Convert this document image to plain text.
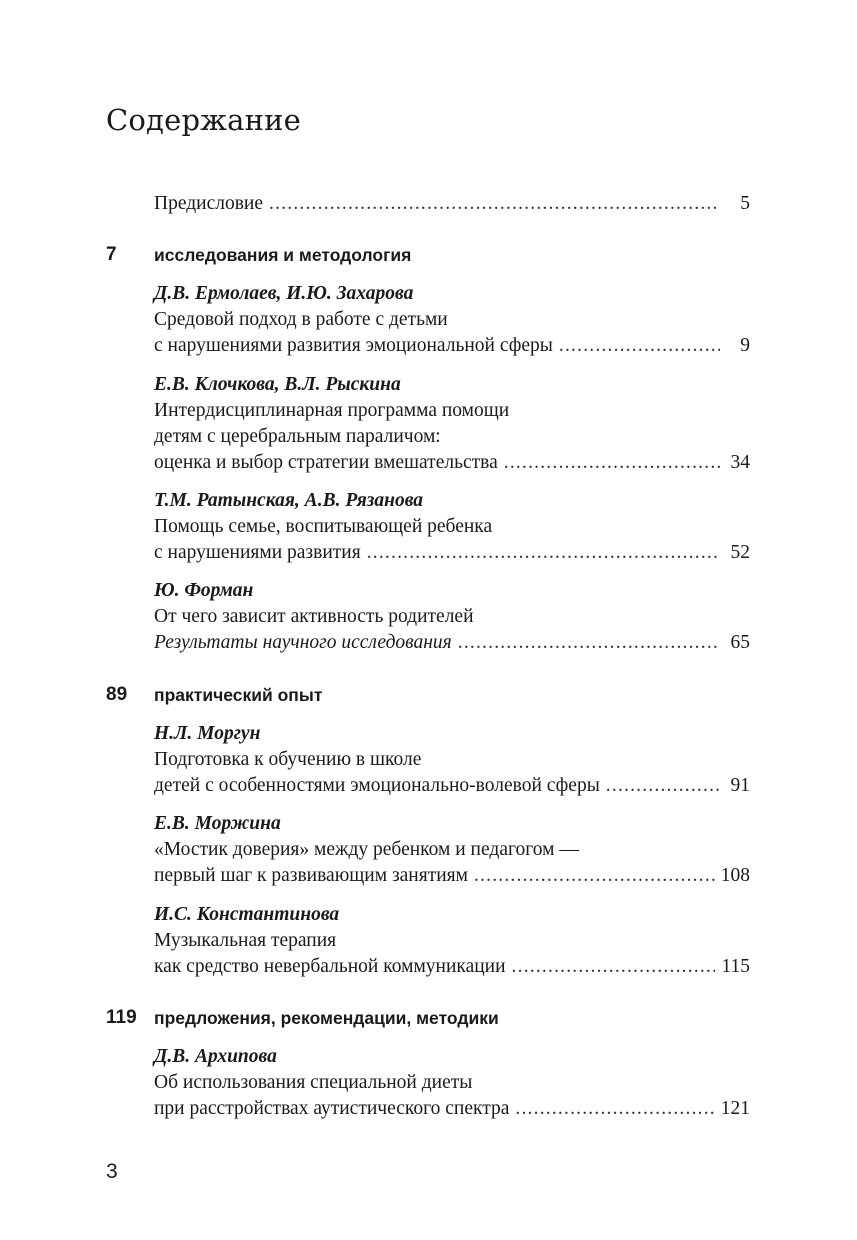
Содержание
Предисловие .....	5
7 исследования и методология
Д.В. Ермолаев, И.Ю. Захарова
Средовой подход в работе с детьми
с нарушениями развития эмоциональной сферы .....	9
Е.В. Клочкова, В.Л. Рыскина
Интердисциплинарная программа помощи
детям с церебральным параличом:
оценка и выбор стратегии вмешательства .....	34
Т.М. Ратынская, А.В. Рязанова
Помощь семье, воспитывающей ребенка
с нарушениями развития .....	52
Ю. Форман
От чего зависит активность родителей
Результаты научного исследования .....	65
89 практический опыт
Н.Л. Моргун
Подготовка к обучению в школе
детей с особенностями эмоционально-волевой сферы .....	91
Е.В. Моржина
«Мостик доверия» между ребенком и педагогом —
первый шаг к развивающим занятиям .....	108
И.С. Константинова
Музыкальная терапия
как средство невербальной коммуникации .....	115
119 предложения, рекомендации, методики
Д.В. Архипова
Об использования специальной диеты
при расстройствах аутистического спектра .....	121
3
